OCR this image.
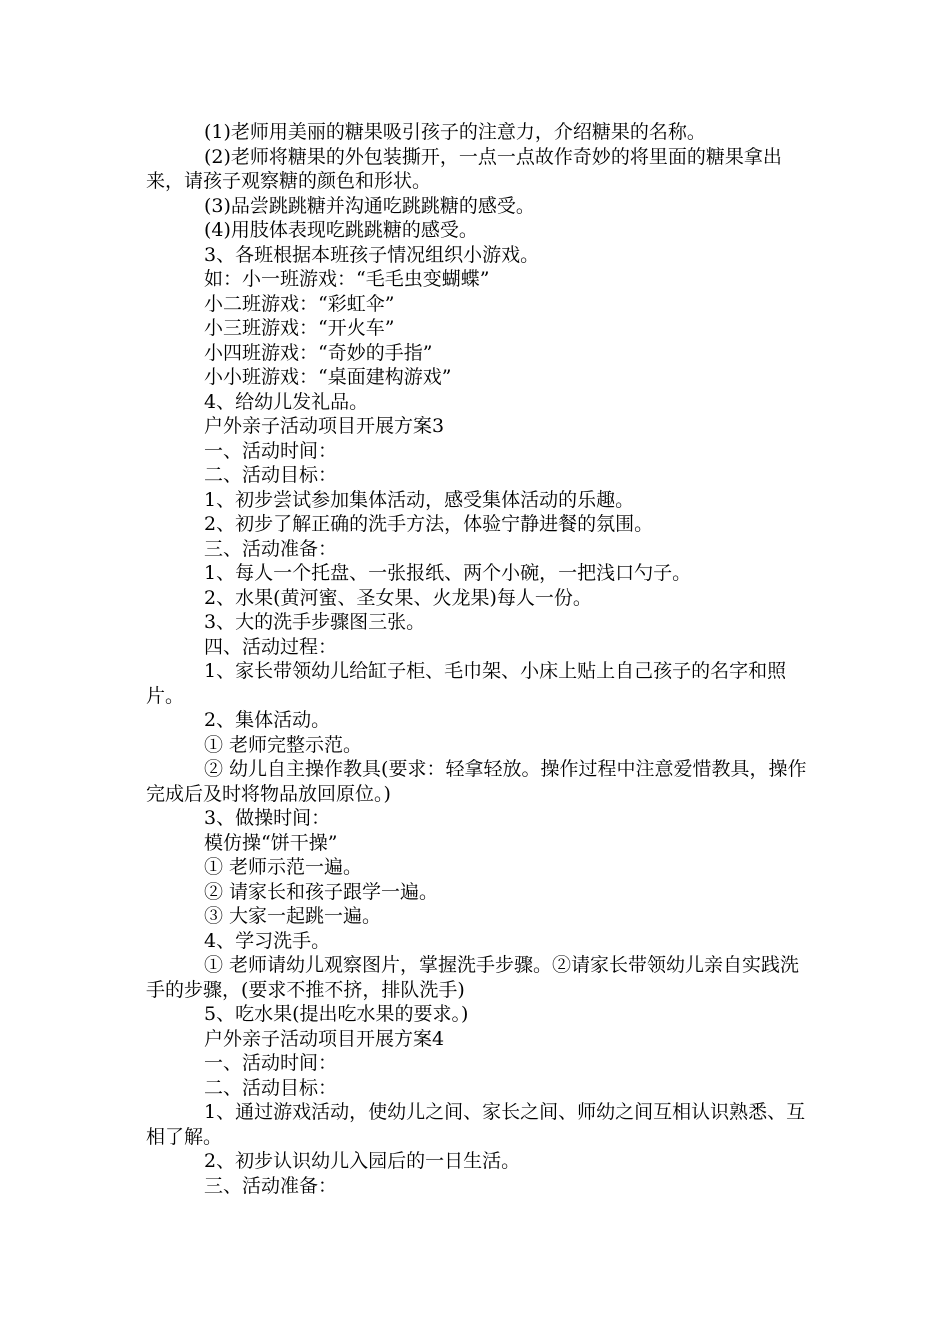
(1)老师用美丽的糖果吸引孩子的注意力，介绍糖果的名称。

(2)老师将糖果的外包装撕开，一点一点故作奇妙的将里面的糖果拿出来，请孩子观察糖的颜色和形状。

(3)品尝跳跳糖并沟通吃跳跳糖的感受。

(4)用肢体表现吃跳跳糖的感受。

3、各班根据本班孩子情况组织小游戏。

如：小一班游戏：“毛毛虫变蝴蝶”

小二班游戏：“彩虹伞”

小三班游戏：“开火车”

小四班游戏：“奇妙的手指”

小小班游戏：“桌面建构游戏”

4、给幼儿发礼品。

户外亲子活动项目开展方案3

一、活动时间：

二、活动目标：

1、初步尝试参加集体活动，感受集体活动的乐趣。

2、初步了解正确的洗手方法，体验宁静进餐的氛围。

三、活动准备：

1、每人一个托盘、一张报纸、两个小碗，一把浅口勺子。

2、水果(黄河蜜、圣女果、火龙果)每人一份。

3、大的洗手步骤图三张。

四、活动过程：

1、家长带领幼儿给缸子柜、毛巾架、小床上贴上自己孩子的名字和照片。

2、集体活动。

① 老师完整示范。

② 幼儿自主操作教具(要求：轻拿轻放。操作过程中注意爱惜教具，操作完成后及时将物品放回原位。)

3、做操时间：

模仿操“饼干操”

① 老师示范一遍。

② 请家长和孩子跟学一遍。

③ 大家一起跳一遍。

4、学习洗手。

① 老师请幼儿观察图片，掌握洗手步骤。②请家长带领幼儿亲自实践洗手的步骤，(要求不推不挤，排队洗手)

5、吃水果(提出吃水果的要求。)

户外亲子活动项目开展方案4

一、活动时间：

二、活动目标：

1、通过游戏活动，使幼儿之间、家长之间、师幼之间互相认识熟悉、互相了解。

2、初步认识幼儿入园后的一日生活。

三、活动准备：
